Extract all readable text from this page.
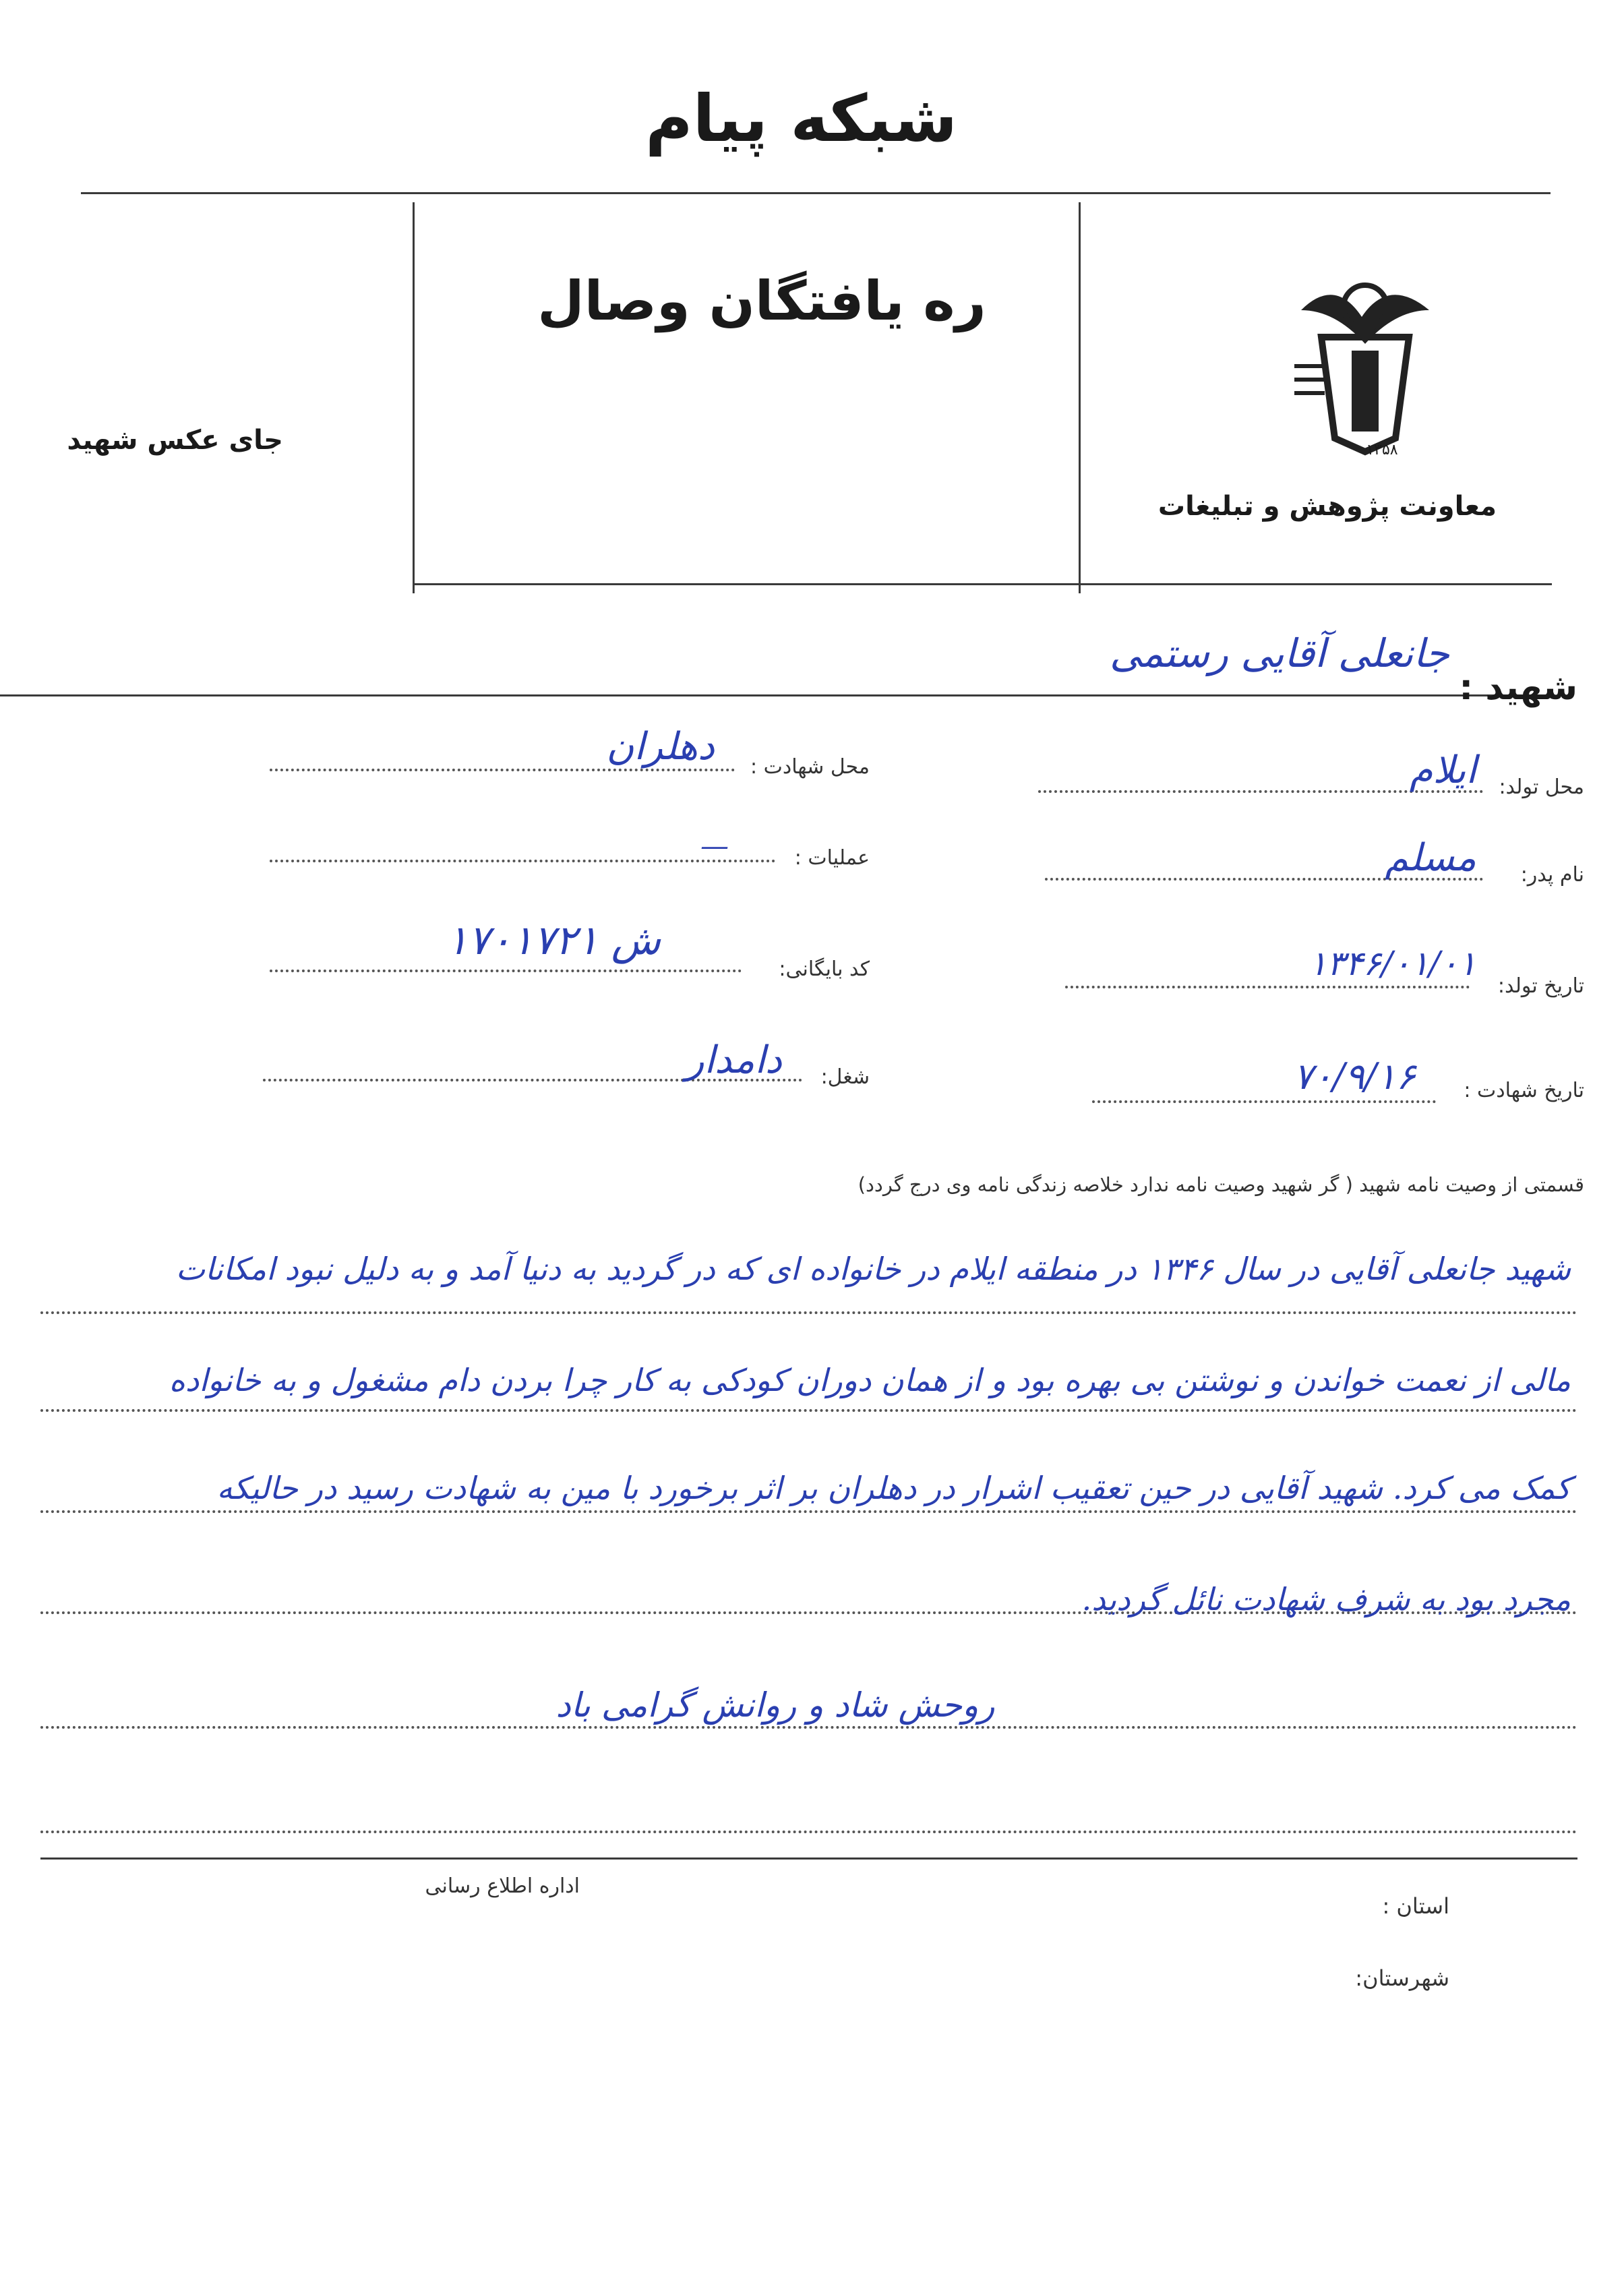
شبکه پیام
ره یافتگان وصال
جای عکس شهید	۱۳۵۸
معاونت پژوهش و تبلیغات
شهید :
جانعلی آقایی رستمی
محل تولد:
ایلام
نام پدر:
مسلم
تاریخ تولد:
۱۳۴۶/۰۱/۰۱
تاریخ شهادت :
۷۰/۹/۱۶
محل شهادت :
دهلران
عملیات :
—
کد بایگانی:
ش ۱۷۰۱۷۲۱
شغل:
دامدار
قسمتی از وصیت نامه شهید ( گر شهید وصیت نامه ندارد خلاصه زندگی نامه وی درج گردد)
شهید جانعلی آقایی در سال ۱۳۴۶ در منطقه ایلام در خانواده ای که در گردید به دنیا آمد و به دلیل نبود امکانات
مالی از نعمت خواندن و نوشتن بی بهره بود و از همان دوران کودکی به کار چرا بردن دام مشغول و به خانواده
کمک می کرد. شهید آقایی در حین تعقیب اشرار در دهلران بر اثر برخورد با مین به شهادت رسید در حالیکه
مجرد بود به شرف شهادت نائل گردید.
روحش شاد و روانش گرامی باد
اداره اطلاع رسانی
استان :
شهرستان:
